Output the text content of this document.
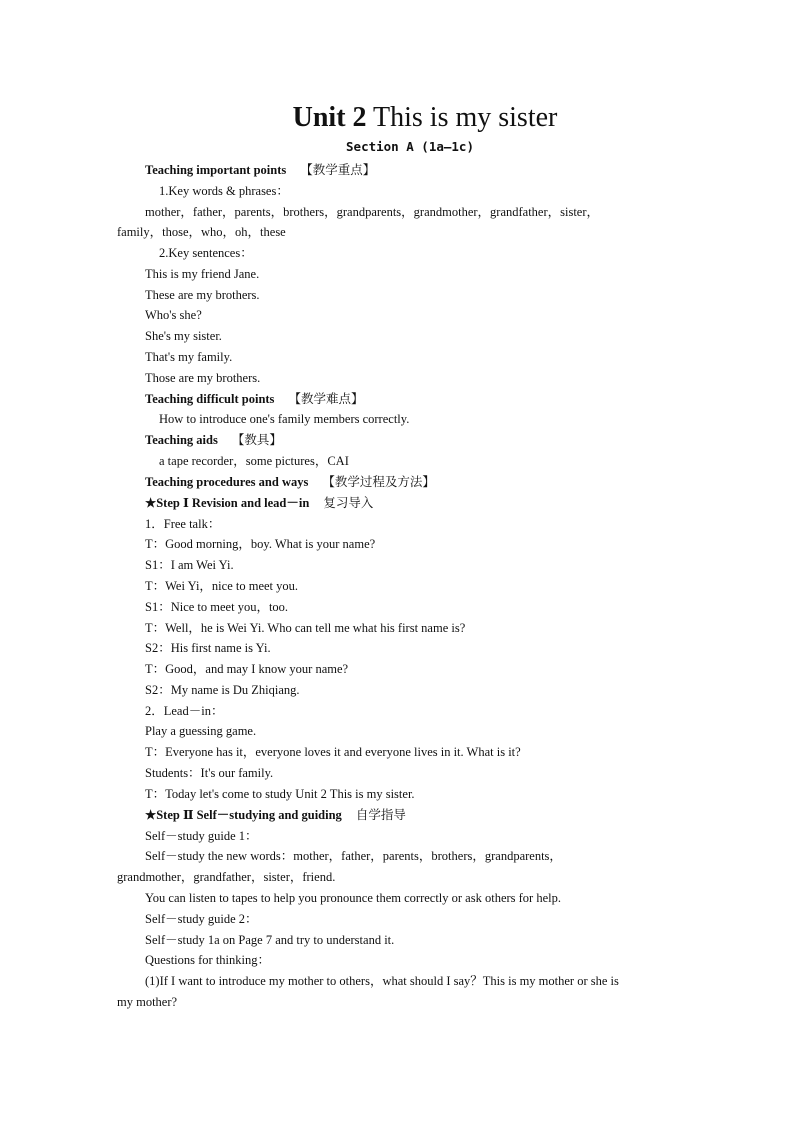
Unit 2 This is my sister
Section A (1a—1c)
Teaching important points 【教学重点】
1.Key words & phrases：
mother，father，parents，brothers，grandparents，grandmother，grandfather，sister，
family，those，who，oh，these
2.Key sentences：
This is my friend Jane.
These are my brothers.
Who's she?
She's my sister.
That's my family.
Those are my brothers.
Teaching difficult points 【教学难点】
How to introduce one's family members correctly.
Teaching aids 【教具】
a tape recorder，some pictures，CAI
Teaching procedures and ways 【教学过程及方法】
★Step Ⅰ Revision and lead－in 复习导入
1．Free talk：
T：Good morning，boy. What is your name?
S1：I am Wei Yi.
T：Wei Yi，nice to meet you.
S1：Nice to meet you，too.
T：Well，he is Wei Yi. Who can tell me what his first name is?
S2：His first name is Yi.
T：Good，and may I know your name?
S2：My name is Du Zhiqiang.
2．Lead－in：
Play a guessing game.
T：Everyone has it，everyone loves it and everyone lives in it. What is it?
Students：It's our family.
T：Today let's come to study Unit 2 This is my sister.
★Step Ⅱ Self－studying and guiding 自学指导
Self－study guide 1：
Self－study the new words：mother，father，parents，brothers，grandparents，
grandmother，grandfather，sister，friend.
You can listen to tapes to help you pronounce them correctly or ask others for help.
Self－study guide 2：
Self－study 1a on Page 7 and try to understand it.
Questions for thinking：
(1)If I want to introduce my mother to others，what should I say？This is my mother or she is
my mother?
